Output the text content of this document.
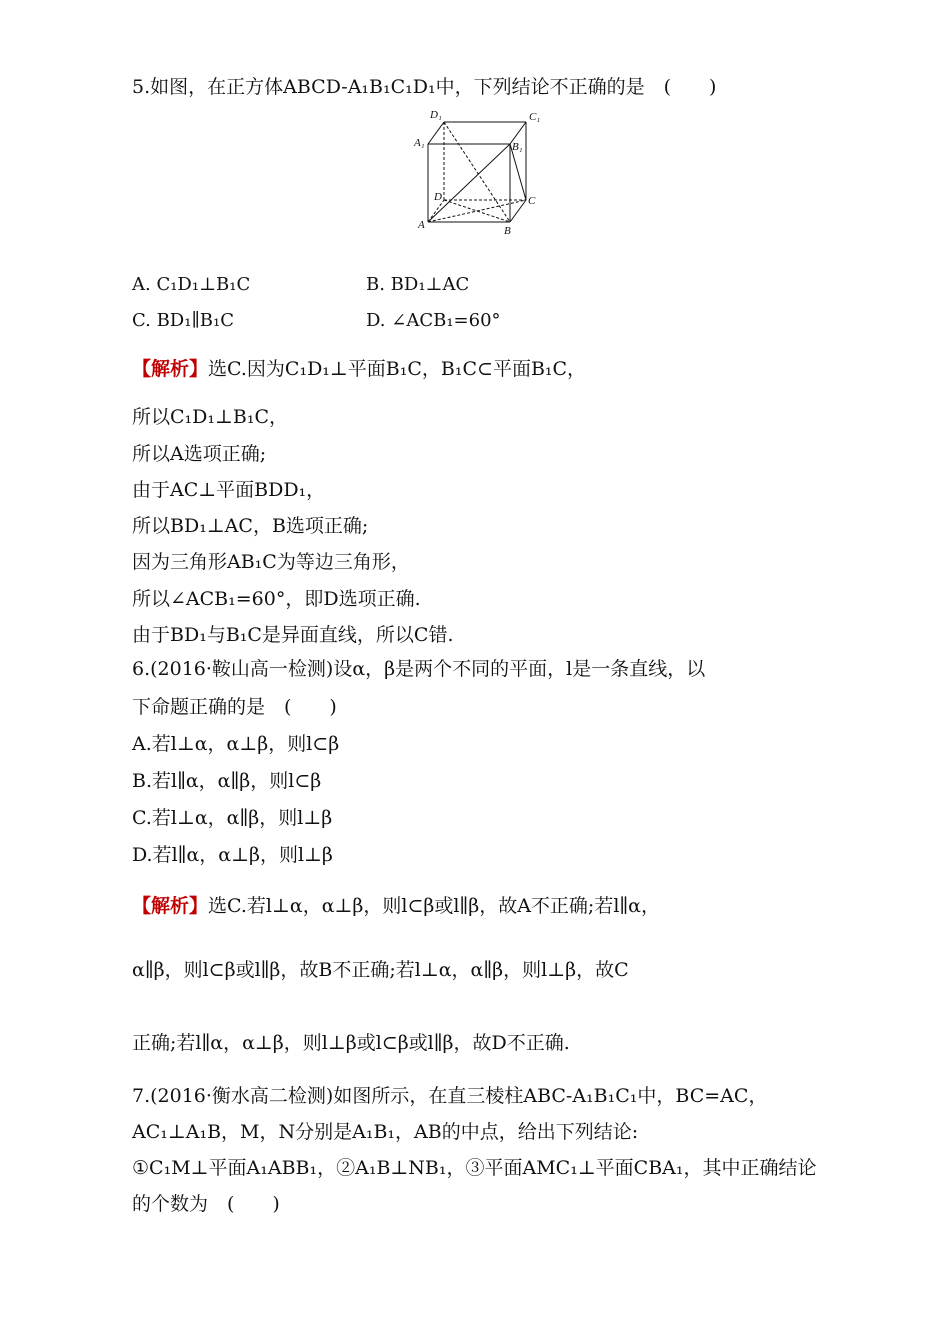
5.如图，在正方体ABCD-A₁B₁C₁D₁中，下列结论不正确的是　(　　)
D₁	C₁
A₁	B₁
D	C
A	B
A. C₁D₁⊥B₁C	B. BD₁⊥AC
C. BD₁∥B₁C	D. ∠ACB₁=60°
【解析】选C.因为C₁D₁⊥平面B₁C，B₁C⊂平面B₁C，
所以C₁D₁⊥B₁C，
所以A选项正确;
由于AC⊥平面BDD₁，
所以BD₁⊥AC，B选项正确;
因为三角形AB₁C为等边三角形，
所以∠ACB₁=60°，即D选项正确.
由于BD₁与B₁C是异面直线，所以C错.
6.(2016·鞍山高一检测)设α，β是两个不同的平面，l是一条直线，以
下命题正确的是　(　　)
A.若l⊥α，α⊥β，则l⊂β
B.若l∥α，α∥β，则l⊂β
C.若l⊥α，α∥β，则l⊥β
D.若l∥α，α⊥β，则l⊥β
【解析】选C.若l⊥α，α⊥β，则l⊂β或l∥β，故A不正确;若l∥α，
α∥β，则l⊂β或l∥β，故B不正确;若l⊥α，α∥β，则l⊥β，故C
正确;若l∥α，α⊥β，则l⊥β或l⊂β或l∥β，故D不正确.
7.(2016·衡水高二检测)如图所示，在直三棱柱ABC-A₁B₁C₁中，BC=AC，
AC₁⊥A₁B，M，N分别是A₁B₁，AB的中点，给出下列结论:
①C₁M⊥平面A₁ABB₁，②A₁B⊥NB₁，③平面AMC₁⊥平面CBA₁，其中正确结论
的个数为　(　　)
